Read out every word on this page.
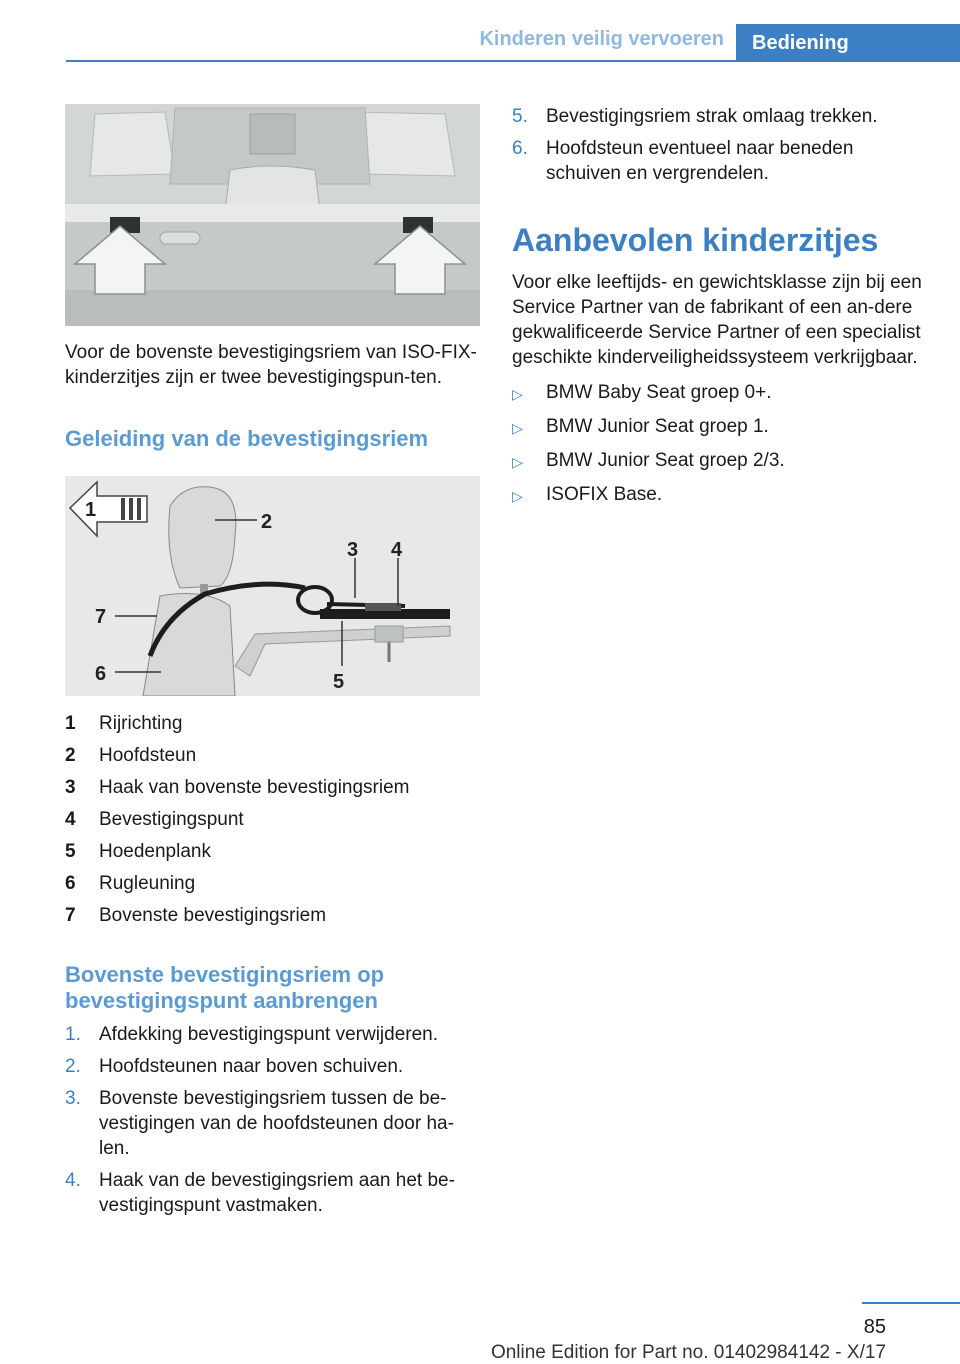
Kinderen veilig vervoeren	Bediening

Voor de bovenste bevestigingsriem van ISO-FIX-kinderzitjes zijn er twee bevestigingspun-ten.

Geleiding van de bevestigingsriem
1
2
3 4
5
6
7
1	Rijrichting
2	Hoofdsteun
3	Haak van bovenste bevestigingsriem
4	Bevestigingspunt
5	Hoedenplank
6	Rugleuning
7	Bovenste bevestigingsriem
Bovenste bevestigingsriem op bevestigingspunt aanbrengen
1. Afdekking bevestigingspunt verwijderen.
2. Hoofdsteunen naar boven schuiven.
3. Bovenste bevestigingsriem tussen de be-vestigingen van de hoofdsteunen door ha-len.
4. Haak van de bevestigingsriem aan het be-vestigingspunt vastmaken.
5. Bevestigingsriem strak omlaag trekken.
6. Hoofdsteun eventueel naar beneden schuiven en vergrendelen.
Aanbevolen kinderzitjes

Voor elke leeftijds- en gewichtsklasse zijn bij een Service Partner van de fabrikant of een an-dere gekwalificeerde Service Partner of een specialist geschikte kinderveiligheidssysteem verkrijgbaar.

▷	BMW Baby Seat groep 0+.
▷	BMW Junior Seat groep 1.
▷	BMW Junior Seat groep 2/3.
▷	ISOFIX Base.
85
Online Edition for Part no. 01402984142 - X/17
